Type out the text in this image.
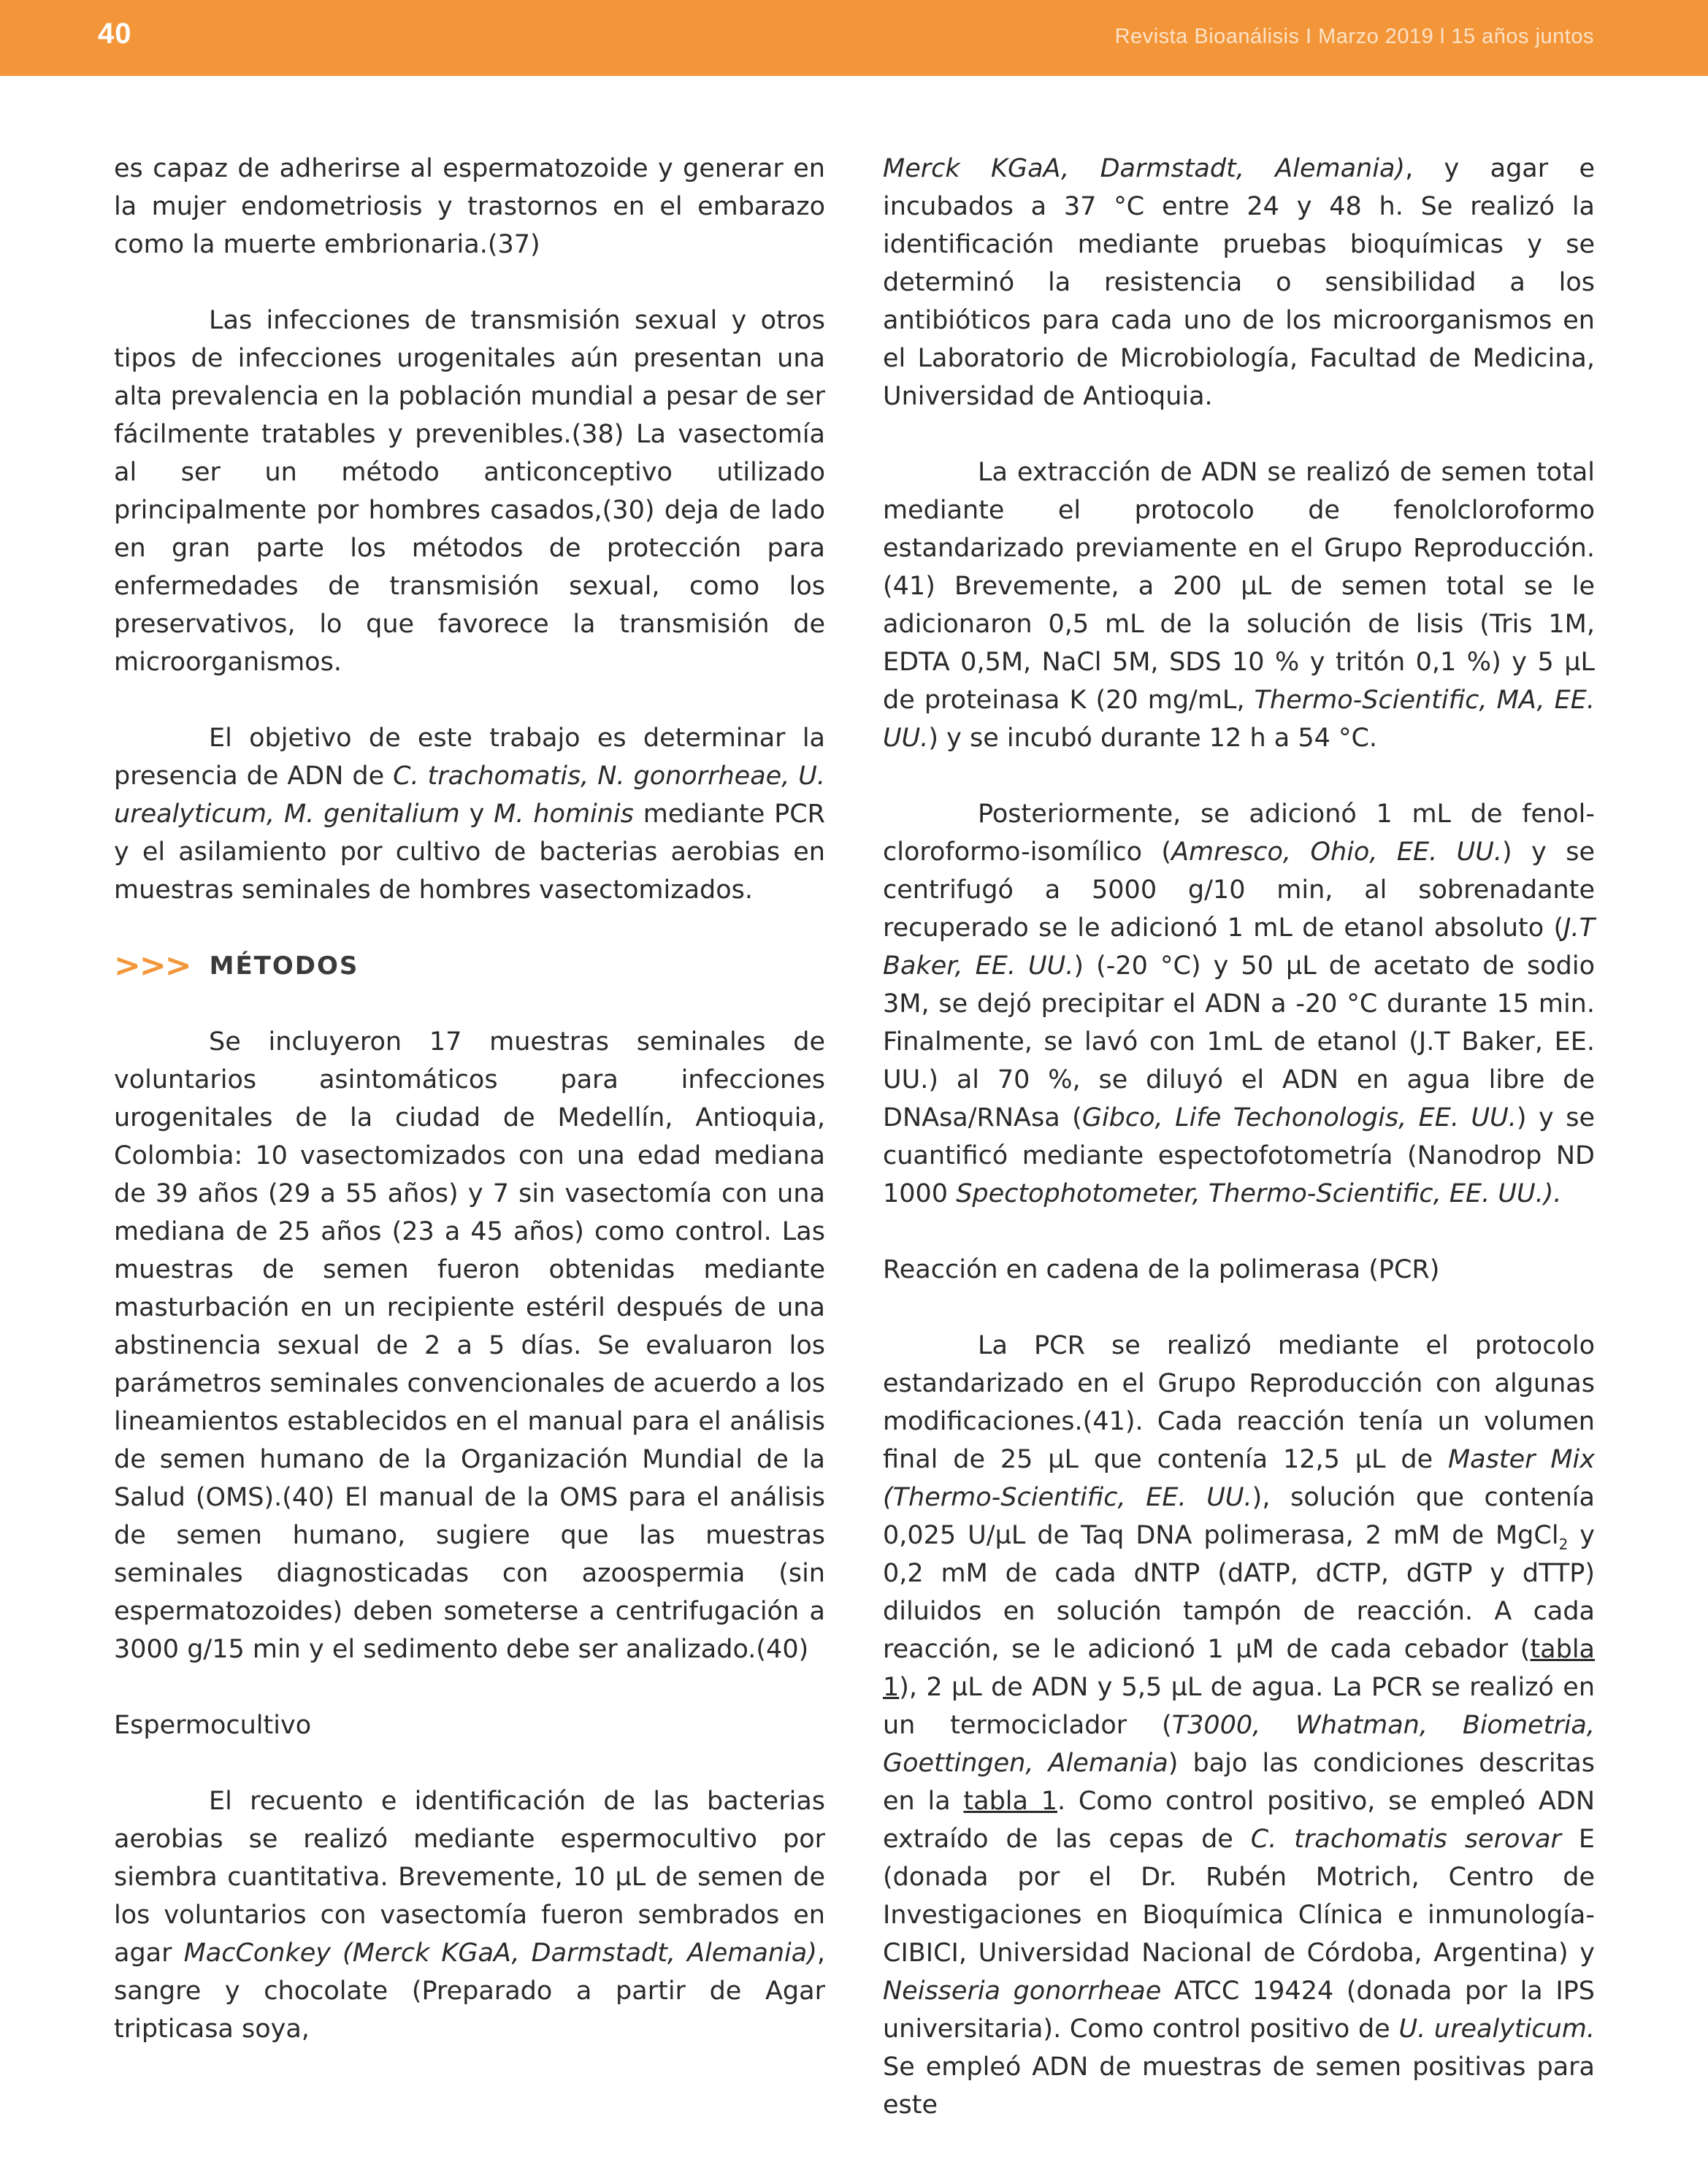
40	Revista Bioanálisis I Marzo 2019 l 15 años juntos

es capaz de adherirse al espermatozoide y generar en la mujer endometriosis y trastornos en el embarazo como la muerte embrionaria.(37)

Las infecciones de transmisión sexual y otros tipos de infecciones urogenitales aún presentan una alta prevalencia en la población mundial a pesar de ser fácilmente tratables y prevenibles.(38) La vasectomía al ser un método anticonceptivo utilizado principalmente por hombres casados,(30) deja de lado en gran parte los métodos de protección para enfermedades de transmisión sexual, como los preservativos, lo que favorece la transmisión de microorganismos.

El objetivo de este trabajo es determinar la presencia de ADN de C. trachomatis, N. gonorrheae, U. urealyticum, M. genitalium y M. hominis mediante PCR y el asilamiento por cultivo de bacterias aerobias en muestras seminales de hombres vasectomizados.

>>> MÉTODOS

Se incluyeron 17 muestras seminales de voluntarios asintomáticos para infecciones urogenitales de la ciudad de Medellín, Antioquia, Colombia: 10 vasectomizados con una edad mediana de 39 años (29 a 55 años) y 7 sin vasectomía con una mediana de 25 años (23 a 45 años) como control. Las muestras de semen fueron obtenidas mediante masturbación en un recipiente estéril después de una abstinencia sexual de 2 a 5 días. Se evaluaron los parámetros seminales convencionales de acuerdo a los lineamientos establecidos en el manual para el análisis de semen humano de la Organización Mundial de la Salud (OMS).(40) El manual de la OMS para el análisis de semen humano, sugiere que las muestras seminales diagnosticadas con azoospermia (sin espermatozoides) deben someterse a centrifugación a 3000 g/15 min y el sedimento debe ser analizado.(40)

Espermocultivo

El recuento e identificación de las bacterias aerobias se realizó mediante espermocultivo por siembra cuantitativa. Brevemente, 10 µL de semen de los voluntarios con vasectomía fueron sembrados en agar MacConkey (Merck KGaA, Darmstadt, Alemania), sangre y chocolate (Preparado a partir de Agar tripticasa soya,

Merck KGaA, Darmstadt, Alemania), y agar e incubados a 37 °C entre 24 y 48 h. Se realizó la identificación mediante pruebas bioquímicas y se determinó la resistencia o sensibilidad a los antibióticos para cada uno de los microorganismos en el Laboratorio de Microbiología, Facultad de Medicina, Universidad de Antioquia.

La extracción de ADN se realizó de semen total mediante el protocolo de fenolcloroformo estandarizado previamente en el Grupo Reproducción.(41) Brevemente, a 200 µL de semen total se le adicionaron 0,5 mL de la solución de lisis (Tris 1M, EDTA 0,5M, NaCl 5M, SDS 10 % y tritón 0,1 %) y 5 µL de proteinasa K (20 mg/mL, Thermo-Scientific, MA, EE. UU.) y se incubó durante 12 h a 54 °C.

Posteriormente, se adicionó 1 mL de fenol-cloroformo-isomílico (Amresco, Ohio, EE. UU.) y se centrifugó a 5000 g/10 min, al sobrenadante recuperado se le adicionó 1 mL de etanol absoluto (J.T Baker, EE. UU.) (-20 °C) y 50 µL de acetato de sodio 3M, se dejó precipitar el ADN a -20 °C durante 15 min. Finalmente, se lavó con 1mL de etanol (J.T Baker, EE. UU.) al 70 %, se diluyó el ADN en agua libre de DNAsa/RNAsa (Gibco, Life Techonologis, EE. UU.) y se cuantificó mediante espectofotometría (Nanodrop ND 1000 Spectophotometer, Thermo-Scientific, EE. UU.).

Reacción en cadena de la polimerasa (PCR)

La PCR se realizó mediante el protocolo estandarizado en el Grupo Reproducción con algunas modificaciones.(41). Cada reacción tenía un volumen final de 25 µL que contenía 12,5 µL de Master Mix (Thermo-Scientific, EE. UU.), solución que contenía 0,025 U/µL de Taq DNA polimerasa, 2 mM de MgCl$_2$ y 0,2 mM de cada dNTP (dATP, dCTP, dGTP y dTTP) diluidos en solución tampón de reacción. A cada reacción, se le adicionó 1 µM de cada cebador (tabla 1), 2 µL de ADN y 5,5 µL de agua. La PCR se realizó en un termociclador (T3000, Whatman, Biometria, Goettingen, Alemania) bajo las condiciones descritas en la tabla 1. Como control positivo, se empleó ADN extraído de las cepas de C. trachomatis serovar E (donada por el Dr. Rubén Motrich, Centro de Investigaciones en Bioquímica Clínica e inmunología-CIBICI, Universidad Nacional de Córdoba, Argentina) y Neisseria gonorrheae ATCC 19424 (donada por la IPS universitaria). Como control positivo de U. urealyticum. Se empleó ADN de muestras de semen positivas para este
